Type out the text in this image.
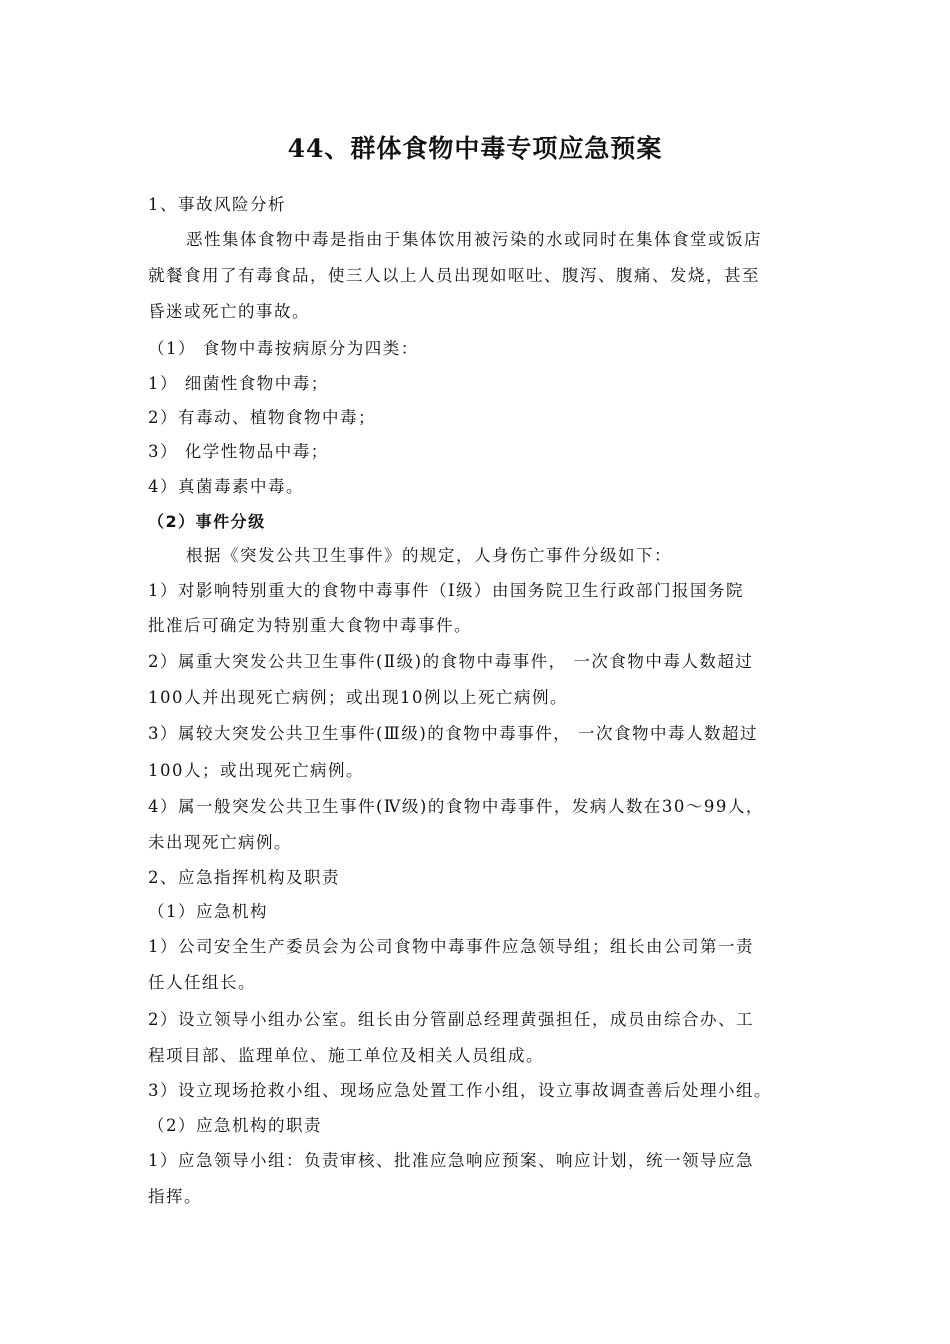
44、群体食物中毒专项应急预案
1、事故风险分析
恶性集体食物中毒是指由于集体饮用被污染的水或同时在集体食堂或饭店
就餐食用了有毒食品，使三人以上人员出现如呕吐、腹泻、腹痛、发烧，甚至
昏迷或死亡的事故。
（1） 食物中毒按病原分为四类：
1） 细菌性食物中毒；
2）有毒动、植物食物中毒；
3） 化学性物品中毒；
4）真菌毒素中毒。
（2）事件分级
根据《突发公共卫生事件》的规定，人身伤亡事件分级如下：
1）对影响特别重大的食物中毒事件（Ⅰ级）由国务院卫生行政部门报国务院
批准后可确定为特别重大食物中毒事件。
2）属重大突发公共卫生事件(Ⅱ级)的食物中毒事件， 一次食物中毒人数超过
100人并出现死亡病例；或出现10例以上死亡病例。
3）属较大突发公共卫生事件(Ⅲ级)的食物中毒事件， 一次食物中毒人数超过
100人；或出现死亡病例。
4）属一般突发公共卫生事件(Ⅳ级)的食物中毒事件，发病人数在30～99人，
未出现死亡病例。
2、应急指挥机构及职责
（1）应急机构
1）公司安全生产委员会为公司食物中毒事件应急领导组；组长由公司第一责
任人任组长。
2）设立领导小组办公室。组长由分管副总经理黄强担任，成员由综合办、工
程项目部、监理单位、施工单位及相关人员组成。
3）设立现场抢救小组、现场应急处置工作小组，设立事故调查善后处理小组。
（2）应急机构的职责
1）应急领导小组：负责审核、批准应急响应预案、响应计划，统一领导应急
指挥。
